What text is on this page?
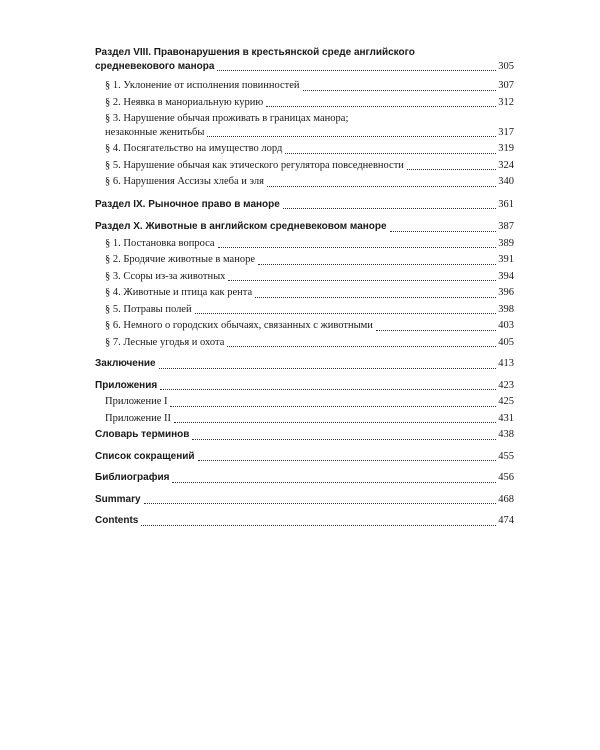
Раздел VIII. Правонарушения в крестьянской среде английского
средневекового манора	305
§ 1. Уклонение от исполнения повинностей	307
§ 2. Неявка в манориальную курию	312
§ 3. Нарушение обычая проживать в границах манора;
незаконные женитьбы	317
§ 4. Посягательство на имущество лорд	319
§ 5. Нарушение обычая как этического регулятора повседневности	324
§ 6. Нарушения Ассизы хлеба и эля	340
Раздел IX. Рыночное право в маноре	361
Раздел X. Животные в английском средневековом маноре	387
§ 1. Постановка вопроса	389
§ 2. Бродячие животные в маноре	391
§ 3. Ссоры из-за животных	394
§ 4. Животные и птица как рента	396
§ 5. Потравы полей	398
§ 6. Немного о городских обычаях, связанных с животными	403
§ 7. Лесные угодья и охота	405
Заключение	413
Приложения	423
Приложение I	425
Приложение II	431
Словарь терминов	438
Список сокращений	455
Библиография	456
Summary	468
Contents	474
